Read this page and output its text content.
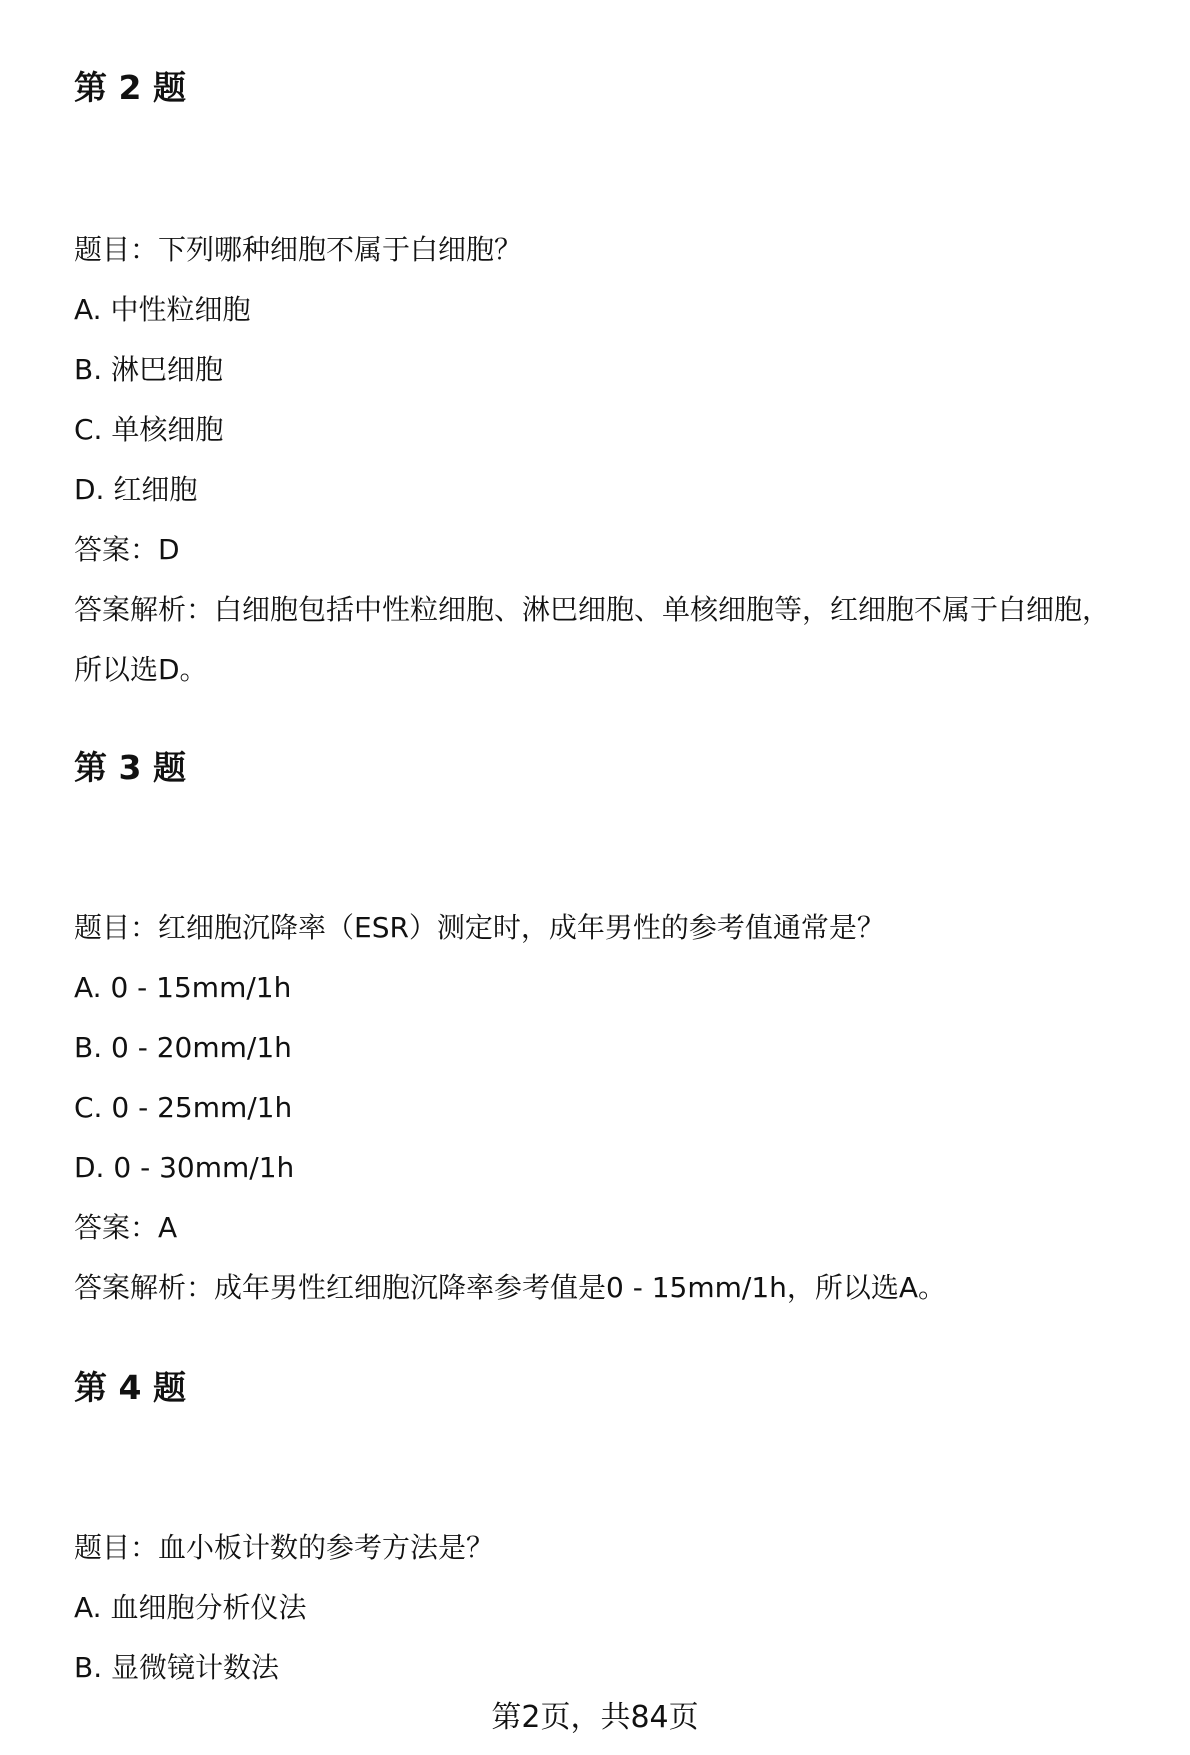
第 2 题
题目：下列哪种细胞不属于白细胞？
A. 中性粒细胞
B. 淋巴细胞
C. 单核细胞
D. 红细胞
答案：D
答案解析：白细胞包括中性粒细胞、淋巴细胞、单核细胞等，红细胞不属于白细胞，所以选D。
第 3 题
题目：红细胞沉降率（ESR）测定时，成年男性的参考值通常是？
A. 0 - 15mm/1h
B. 0 - 20mm/1h
C. 0 - 25mm/1h
D. 0 - 30mm/1h
答案：A
答案解析：成年男性红细胞沉降率参考值是0 - 15mm/1h，所以选A。
第 4 题
题目：血小板计数的参考方法是？
A. 血细胞分析仪法
B. 显微镜计数法
第2页，共84页
